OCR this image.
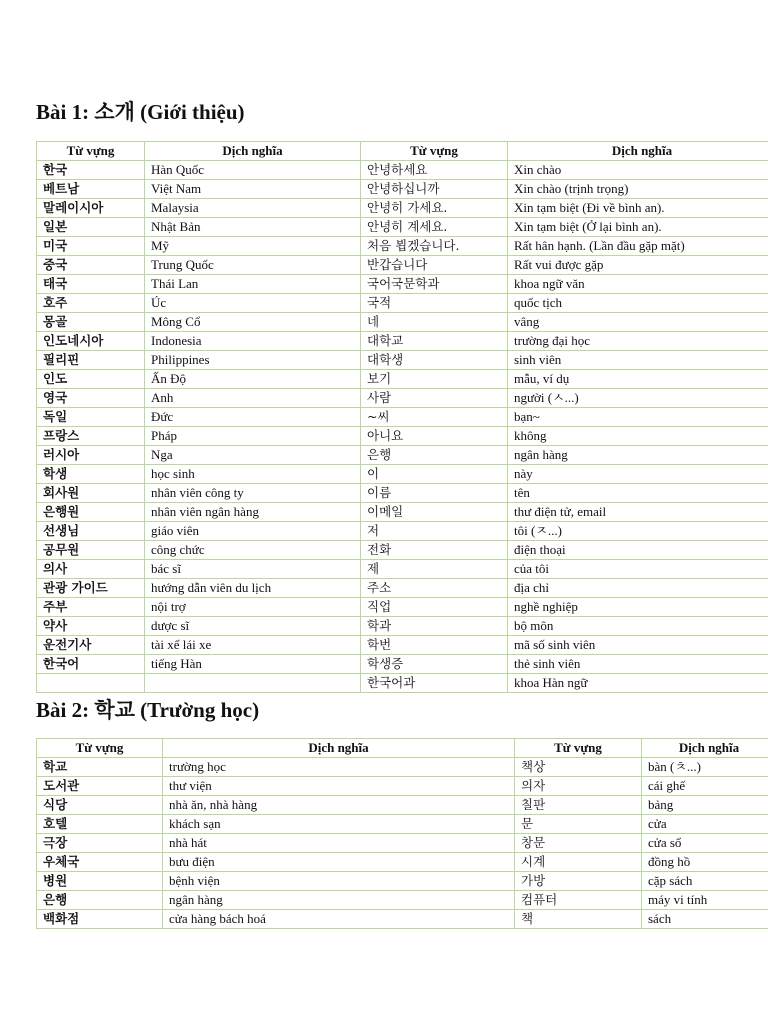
Bài 1: 소개 (Giới thiệu)
Từ vựng	Dịch nghĩa	Từ vựng	Dịch nghĩa
한국	Hàn Quốc	안녕하세요	Xin chào
베트남	Việt Nam	안녕하십니까	Xin chào (trịnh trọng)
말레이시아	Malaysia	안녕히 가세요.	Xin tạm biệt (Đi về bình an).
일본	Nhật Bản	안녕히 계세요.	Xin tạm biệt (Ở lại bình an).
미국	Mỹ	처음 뵙겠습니다.	Rất hân hạnh. (Lần đầu gặp mặt)
중국	Trung Quốc	반갑습니다	Rất vui được gặp
태국	Thái Lan	국어국문학과	khoa ngữ văn
호주	Úc	국적	quốc tịch
몽골	Mông Cổ	네	vâng
인도네시아	Indonesia	대학교	trường đại học
필리핀	Philippines	대학생	sinh viên
인도	Ấn Độ	보기	mẫu, ví dụ
영국	Anh	사람	người (ㅅ...)
독일	Đức	~씨	bạn~
프랑스	Pháp	아니요	không
러시아	Nga	은행	ngân hàng
학생	học sinh	이	này
회사원	nhân viên công ty	이름	tên
은행원	nhân viên ngân hàng	이메일	thư điện tử, email
선생님	giáo viên	저	tôi (ㅈ...)
공무원	công chức	전화	điện thoại
의사	bác sĩ	제	của tôi
관광 가이드	hướng dẫn viên du lịch	주소	địa chỉ
주부	nội trợ	직업	nghề nghiệp
약사	dược sĩ	학과	bộ môn
운전기사	tài xế lái xe	학번	mã số sinh viên
한국어	tiếng Hàn	학생증	thẻ sinh viên
		한국어과	khoa Hàn ngữ
Bài 2: 학교 (Trường học)
Từ vựng	Dịch nghĩa	Từ vựng	Dịch nghĩa
학교	trường học	책상	bàn (ㅊ...)
도서관	thư viện	의자	cái ghế
식당	nhà ăn, nhà hàng	칠판	bảng
호텔	khách sạn	문	cửa
극장	nhà hát	창문	cửa sổ
우체국	bưu điện	시계	đồng hồ
병원	bệnh viện	가방	cặp sách
은행	ngân hàng	컴퓨터	máy vi tính
백화점	cửa hàng bách hoá	책	sách
